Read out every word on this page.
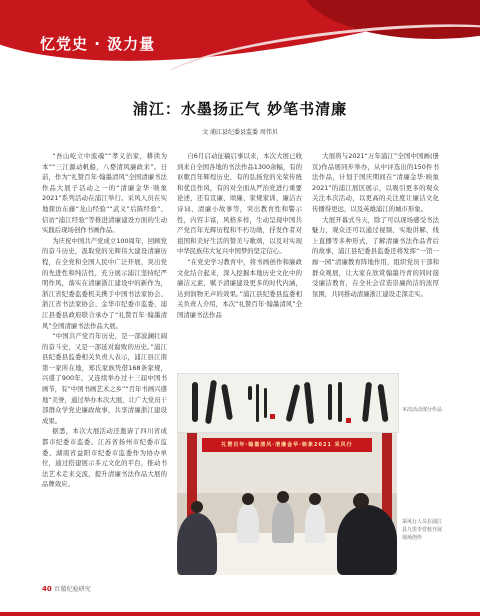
忆党史 · 汲力量
浦江：水墨扬正气 妙笔书清廉
文 浦江县纪委县监委 周伟贝

“吾山屹立中流魂”“孝义治家，耕读为本”“三江源动帆船，八婺清风廉政来”。日前，作为“礼赞百年·翰墨清风”全国清廉书法作品大展子活动之一的“清廉金华·映象2021”系列活动在浦江举行。采风人员在实地探访东藤“龙山经验”“武义”后陈经验”、信访“浦江经验”等推进清廉建设方面的生动实践后现场创作书画作品。

为庆祝中国共产党成立100周年，回顾党的奋斗历史，汲取党的光辉伟大建设清廉历程，在全党和全国人民中广泛开展，突出党的先进性和纯洁性，充分展示浦江坚持纪严明作风，落实在清廉浙江建设中的新作为，浙江省纪委监委机关携手中国书法家协会、浙江省书法家协会、金华市纪委市监委、浦江县委县政府联合承办了“礼赞百年·翰墨清风”全国清廉书法作品大展。

“中国共产党百年历史，是一部波澜壮阔的奋斗史，又是一部延对腐败的历史。”浦江县纪委县监委相关负责人表示，浦江县江南第一家所在地，郑氏家族凭借168条家规，兴盛了900年，又连续举办过十三届中国书画节，有“中国书画艺术之乡”“百年书画兴盛地”美誉，通过举办本次大展，让广大党员干部群众学党史廉政故事，共享清廉浙江建设成果。

据悉，本次大展活动还邀请了四川省成都市纪委市监委、江苏省扬州市纪委市监委、湖南省益阳市纪委市监委作为协办单位，通过搭建展示多元文化的平台，推动书法艺术走来交流，提升清廉书法作品大展的品牌效应。

自6月启动征稿启事以来，本次大展已收到来自全国各地的书法作品1300余幅，有的讴歌百年辉煌历史，有的弘扬党的光荣传统和优良作风，有的对全面从严治党进行重要论述，还有宣廉、颂廉、家规家训、廉洁古诗词、清廉小故事等，突出教育性和警示性，内容丰富，风格多样，生动呈现中国共产党百年光辉历程和不朽功勋，抒发作者对祖国和美好生活的赞美与歌颂，以及对实现中华民族伟大复兴中国梦的坚定信心。

“在党史学习教育中，将书画创作和廉政文化结合起来，深入挖掘本地历史文化中的廉洁元素，赋予清廉建设更多的时代内涵，达到润物无声的效果。”浦江县纪委县监委相关负责人介绍，本次“礼赞百年·翰墨清风”全国清廉书法作品

大展将与2021“万年浦江”全国中国画(册页)作品展同步举办，从中评选出的150件书法作品，计划于国庆期间在“清廉金华·映象2021”的浦江展区展示，以吸引更多的观众关注本次活动，以更高的关注度让廉洁文化传播得更远，以及英雄浦江的城市形象。

大展开幕式当天，除了可以现场感受书法魅力，观众还可以通过视频、实地讲解、线上直播等多种形式，了解清廉书法作品背后的故事，浦江县纪委县监委还将发挥“一馆一廊一园”清廉教育阵地作用，组织党员干部和群众观展，让大家在欣赏翰墨丹青的同时接受廉洁教育，在全社会营造崇廉尚洁的浓厚氛围，共同推动清廉浙江建设走深走实。

本次活动部分作品
礼赞百年·翰墨清风·清廉金华·映象2021 采风行
采风行人员在浦江县九里李党校开展现场创作
40 红船纪检研究
